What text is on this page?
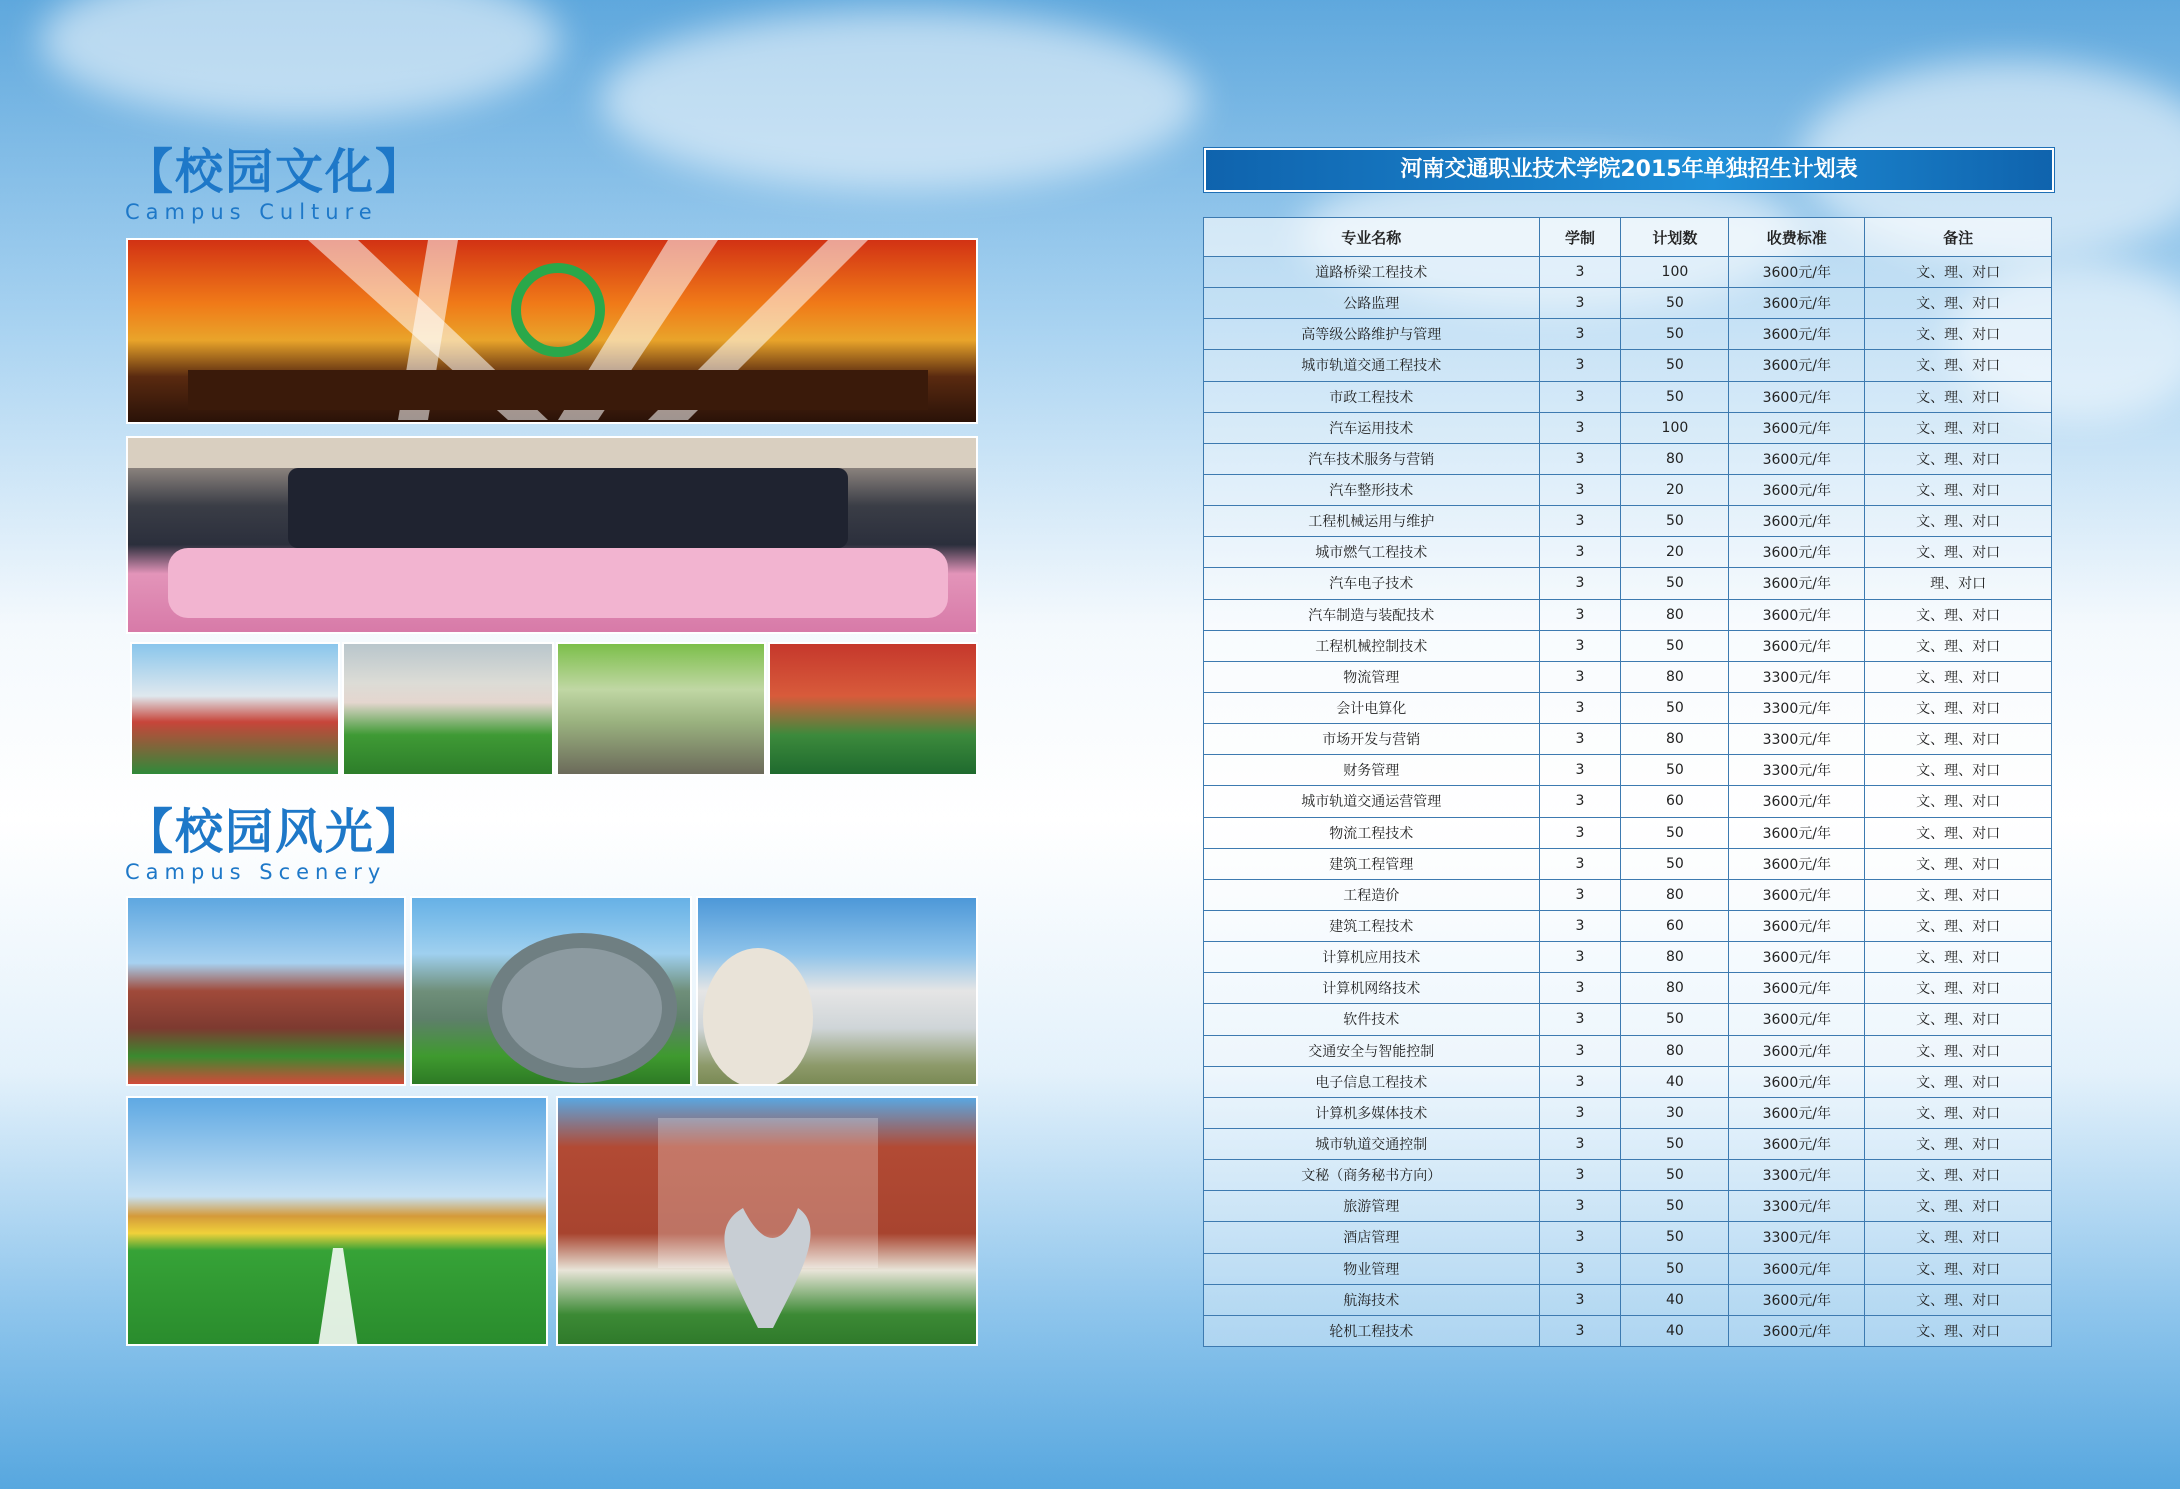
【校园文化】
Campus Culture
【校园风光】
Campus Scenery
河南交通职业技术学院2015年单独招生计划表
专业名称	学制	计划数	收费标准	备注
道路桥梁工程技术	3	100	3600元/年	文、理、对口
公路监理	3	50	3600元/年	文、理、对口
高等级公路维护与管理	3	50	3600元/年	文、理、对口
城市轨道交通工程技术	3	50	3600元/年	文、理、对口
市政工程技术	3	50	3600元/年	文、理、对口
汽车运用技术	3	100	3600元/年	文、理、对口
汽车技术服务与营销	3	80	3600元/年	文、理、对口
汽车整形技术	3	20	3600元/年	文、理、对口
工程机械运用与维护	3	50	3600元/年	文、理、对口
城市燃气工程技术	3	20	3600元/年	文、理、对口
汽车电子技术	3	50	3600元/年	理、对口
汽车制造与装配技术	3	80	3600元/年	文、理、对口
工程机械控制技术	3	50	3600元/年	文、理、对口
物流管理	3	80	3300元/年	文、理、对口
会计电算化	3	50	3300元/年	文、理、对口
市场开发与营销	3	80	3300元/年	文、理、对口
财务管理	3	50	3300元/年	文、理、对口
城市轨道交通运营管理	3	60	3600元/年	文、理、对口
物流工程技术	3	50	3600元/年	文、理、对口
建筑工程管理	3	50	3600元/年	文、理、对口
工程造价	3	80	3600元/年	文、理、对口
建筑工程技术	3	60	3600元/年	文、理、对口
计算机应用技术	3	80	3600元/年	文、理、对口
计算机网络技术	3	80	3600元/年	文、理、对口
软件技术	3	50	3600元/年	文、理、对口
交通安全与智能控制	3	80	3600元/年	文、理、对口
电子信息工程技术	3	40	3600元/年	文、理、对口
计算机多媒体技术	3	30	3600元/年	文、理、对口
城市轨道交通控制	3	50	3600元/年	文、理、对口
文秘（商务秘书方向）	3	50	3300元/年	文、理、对口
旅游管理	3	50	3300元/年	文、理、对口
酒店管理	3	50	3300元/年	文、理、对口
物业管理	3	50	3600元/年	文、理、对口
航海技术	3	40	3600元/年	文、理、对口
轮机工程技术	3	40	3600元/年	文、理、对口
